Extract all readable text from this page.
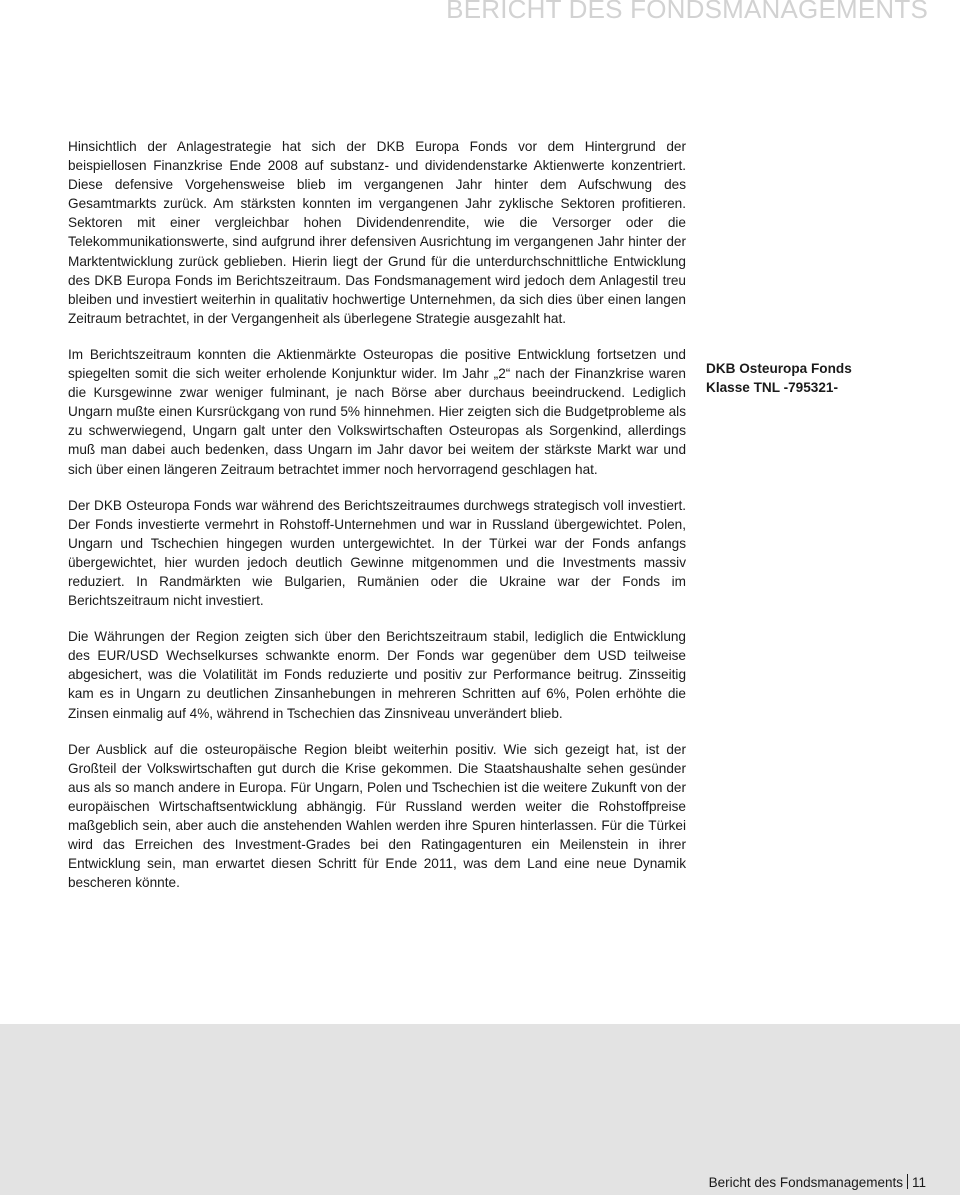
BERICHT DES FONDSMANAGEMENTS

Hinsichtlich der Anlagestrategie hat sich der DKB Europa Fonds vor dem Hintergrund der beispiellosen Finanzkrise Ende 2008 auf substanz- und dividendenstarke Aktienwerte konzentriert. Diese defensive Vorgehensweise blieb im vergangenen Jahr hinter dem Aufschwung des Gesamtmarkts zurück. Am stärksten konnten im vergangenen Jahr zyklische Sektoren profitieren. Sektoren mit einer vergleichbar hohen Dividendenrendite, wie die Versorger oder die Telekommunikationswerte, sind aufgrund ihrer defensiven Ausrichtung im vergangenen Jahr hinter der Marktentwicklung zurück geblieben. Hierin liegt der Grund für die unterdurchschnittliche Entwicklung des DKB Europa Fonds im Berichtszeitraum. Das Fondsmanagement wird jedoch dem Anlagestil treu bleiben und investiert weiterhin in qualitativ hochwertige Unternehmen, da sich dies über einen langen Zeitraum betrachtet, in der Vergangenheit als überlegene Strategie ausgezahlt hat.

Im Berichtszeitraum konnten die Aktienmärkte Osteuropas die positive Entwicklung fortsetzen und spiegelten somit die sich weiter erholende Konjunktur wider. Im Jahr „2“ nach der Finanzkrise waren die Kursgewinne zwar weniger fulminant, je nach Börse aber durchaus beeindruckend. Lediglich Ungarn mußte einen Kursrückgang von rund 5% hinnehmen. Hier zeigten sich die Budgetprobleme als zu schwerwiegend, Ungarn galt unter den Volkswirtschaften Osteuropas als Sorgenkind, allerdings muß man dabei auch bedenken, dass Ungarn im Jahr davor bei weitem der stärkste Markt war und sich über einen längeren Zeitraum betrachtet immer noch hervorragend geschlagen hat.

Der DKB Osteuropa Fonds war während des Berichtszeitraumes durchwegs strategisch voll investiert. Der Fonds investierte vermehrt in Rohstoff-Unternehmen und war in Russland übergewichtet. Polen, Ungarn und Tschechien hingegen wurden untergewichtet. In der Türkei war der Fonds anfangs übergewichtet, hier wurden jedoch deutlich Gewinne mitgenommen und die Investments massiv reduziert. In Randmärkten wie Bulgarien, Rumänien oder die Ukraine war der Fonds im Berichtszeitraum nicht investiert.

Die Währungen der Region zeigten sich über den Berichtszeitraum stabil, lediglich die Entwicklung des EUR/USD Wechselkurses schwankte enorm. Der Fonds war gegenüber dem USD teilweise abgesichert, was die Volatilität im Fonds reduzierte und positiv zur Performance beitrug. Zinsseitig kam es in Ungarn zu deutlichen Zinsanhebungen in mehreren Schritten auf 6%, Polen erhöhte die Zinsen einmalig auf 4%, während in Tschechien das Zinsniveau unverändert blieb.

Der Ausblick auf die osteuropäische Region bleibt weiterhin positiv. Wie sich gezeigt hat, ist der Großteil der Volkswirtschaften gut durch die Krise gekommen. Die Staatshaushalte sehen gesünder aus als so manch andere in Europa. Für Ungarn, Polen und Tschechien ist die weitere Zukunft von der europäischen Wirtschaftsentwicklung abhängig. Für Russland werden weiter die Rohstoffpreise maßgeblich sein, aber auch die anstehenden Wahlen werden ihre Spuren hinterlassen. Für die Türkei wird das Erreichen des Investment-Grades bei den Ratingagenturen ein Meilenstein in ihrer Entwicklung sein, man erwartet diesen Schritt für Ende 2011, was dem Land eine neue Dynamik bescheren könnte.

DKB Osteuropa Fonds
Klasse TNL -795321-
Bericht des Fondsmanagements 11
